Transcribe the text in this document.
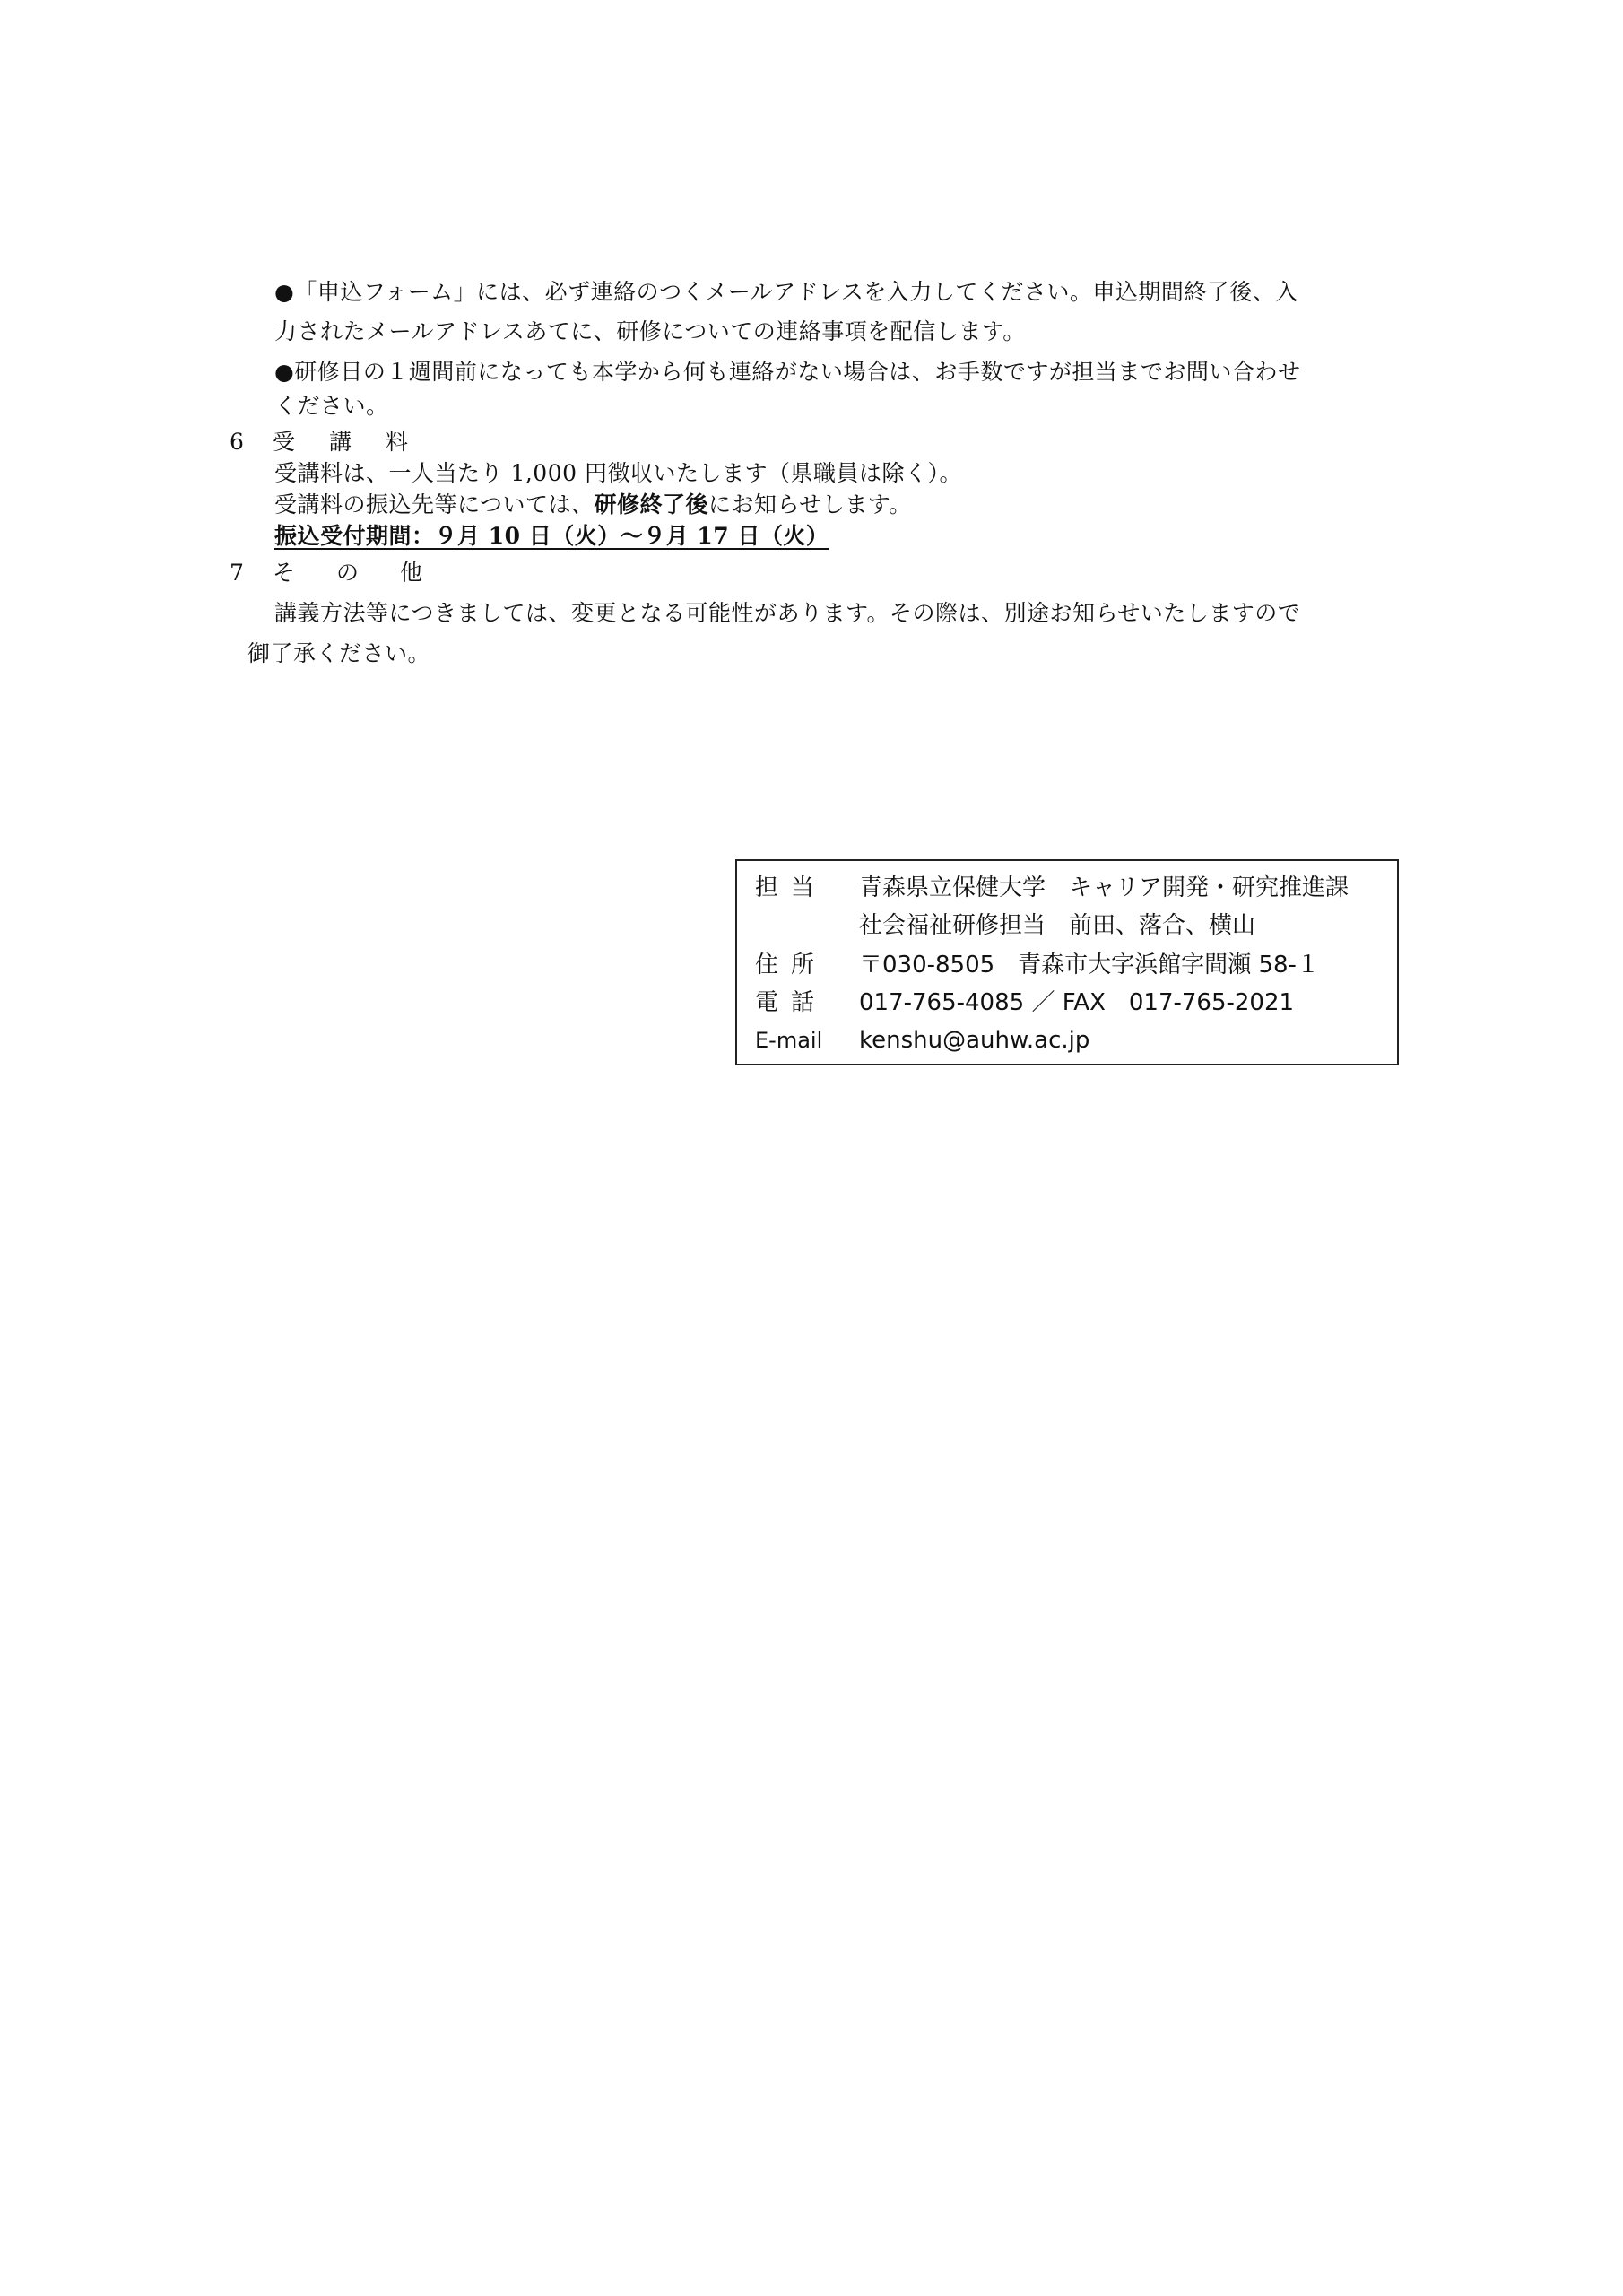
●「申込フォーム」には、必ず連絡のつくメールアドレスを入力してください。申込期間終了後、入
力されたメールアドレスあてに、研修についての連絡事項を配信します。
●研修日の１週間前になっても本学から何も連絡がない場合は、お手数ですが担当までお問い合わせ
ください。
6 受講料
受講料は、一人当たり 1,000 円徴収いたします（県職員は除く）。
受講料の振込先等については、研修終了後にお知らせします。
振込受付期間：９月 10 日（火）～９月 17 日（火）
7 その他
講義方法等につきましては、変更となる可能性があります。その際は、別途お知らせいたしますので
御了承ください。
担当	青森県立保健大学　キャリア開発・研究推進課
社会福祉研修担当　前田、落合、横山
住所	〒030-8505　青森市大字浜館字間瀬 58-１
電話	017-765-4085 ／ FAX　017-765-2021
E-mail	kenshu@auhw.ac.jp
